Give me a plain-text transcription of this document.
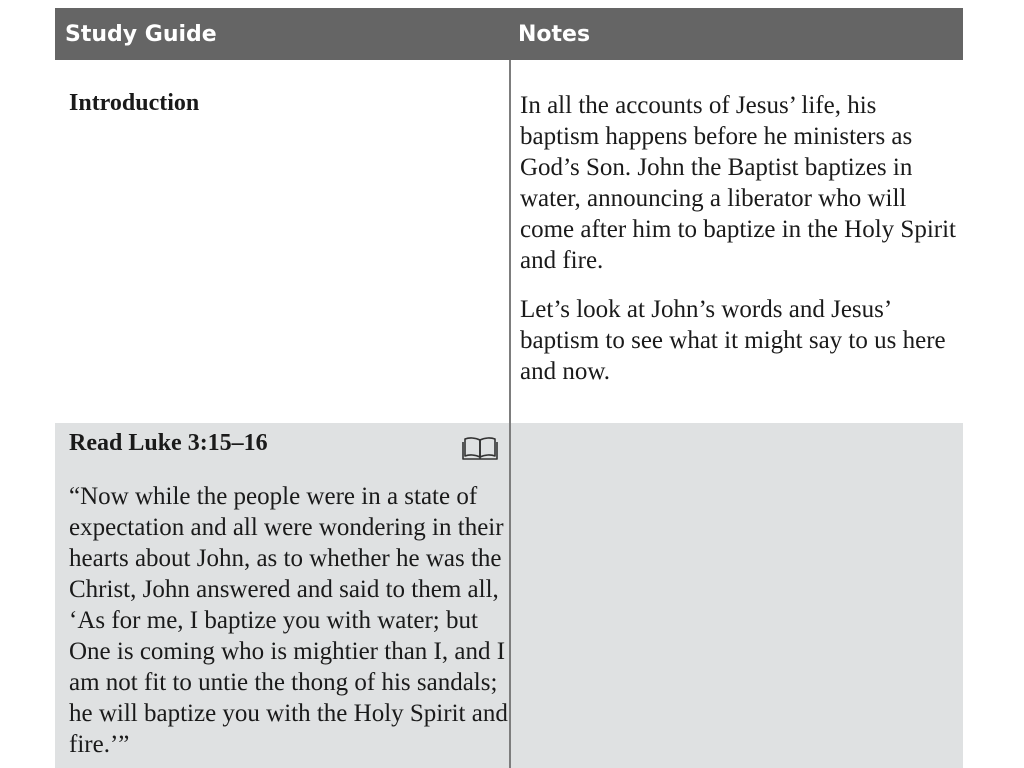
Study Guide	Notes
Introduction	In all the accounts of Jesus’ life, his baptism happens before he ministers as God’s Son. John the Baptist baptizes in water, announcing a liberator who will come after him to baptize in the Holy Spirit and fire.

Let’s look at John’s words and Jesus’ baptism to see what it might say to us here and now.

Read Luke 3:15–16
“Now while the people were in a state of expectation and all were wondering in their hearts about John, as to whether he was the Christ, John answered and said to them all, ‘As for me, I baptize you with water; but One is coming who is mightier than I, and I am not fit to untie the thong of his sandals; he will baptize you with the Holy Spirit and fire.’”
